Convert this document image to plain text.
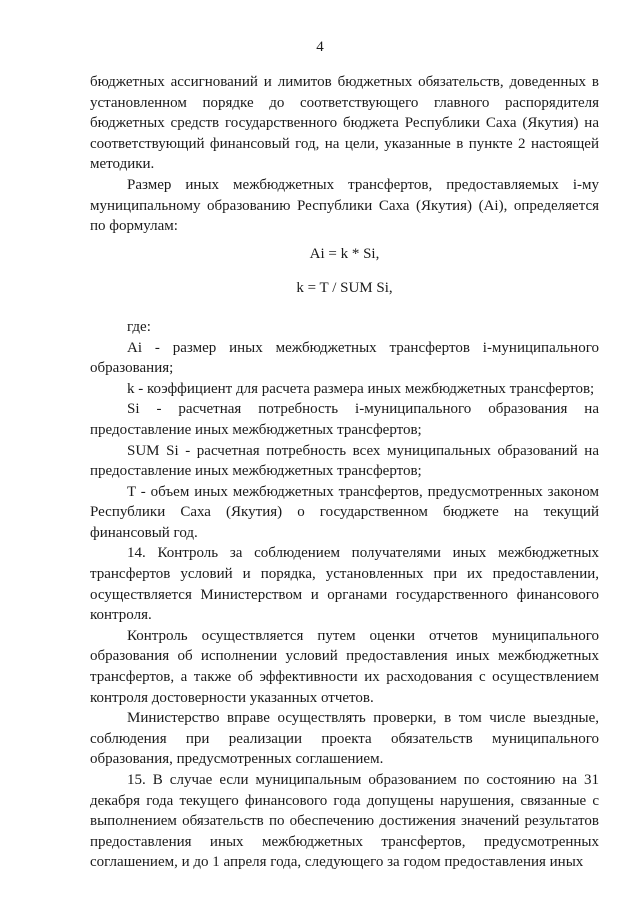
4

бюджетных ассигнований и лимитов бюджетных обязательств, доведенных в установленном порядке до соответствующего главного распорядителя бюджетных средств государственного бюджета Республики Саха (Якутия) на соответствующий финансовый год, на цели, указанные в пункте 2 настоящей методики.

Размер иных межбюджетных трансфертов, предоставляемых i-му муниципальному образованию Республики Саха (Якутия) (Ai), определяется по формулам:

Ai = k * Si,

k = T / SUM Si,

где:

Ai - размер иных межбюджетных трансфертов i-муниципального образования;

k - коэффициент для расчета размера иных межбюджетных трансфертов;

Si - расчетная потребность i-муниципального образования на предоставление иных межбюджетных трансфертов;

SUM Si - расчетная потребность всех муниципальных образований на предоставление иных межбюджетных трансфертов;

T - объем иных межбюджетных трансфертов, предусмотренных законом Республики Саха (Якутия) о государственном бюджете на текущий финансовый год.

14. Контроль за соблюдением получателями иных межбюджетных трансфертов условий и порядка, установленных при их предоставлении, осуществляется Министерством и органами государственного финансового контроля.

Контроль осуществляется путем оценки отчетов муниципального образования об исполнении условий предоставления иных межбюджетных трансфертов, а также об эффективности их расходования с осуществлением контроля достоверности указанных отчетов.

Министерство вправе осуществлять проверки, в том числе выездные, соблюдения при реализации проекта обязательств муниципального образования, предусмотренных соглашением.

15. В случае если муниципальным образованием по состоянию на 31 декабря года текущего финансового года допущены нарушения, связанные с выполнением обязательств по обеспечению достижения значений результатов предоставления иных межбюджетных трансфертов, предусмотренных соглашением, и до 1 апреля года, следующего за годом предоставления иных
